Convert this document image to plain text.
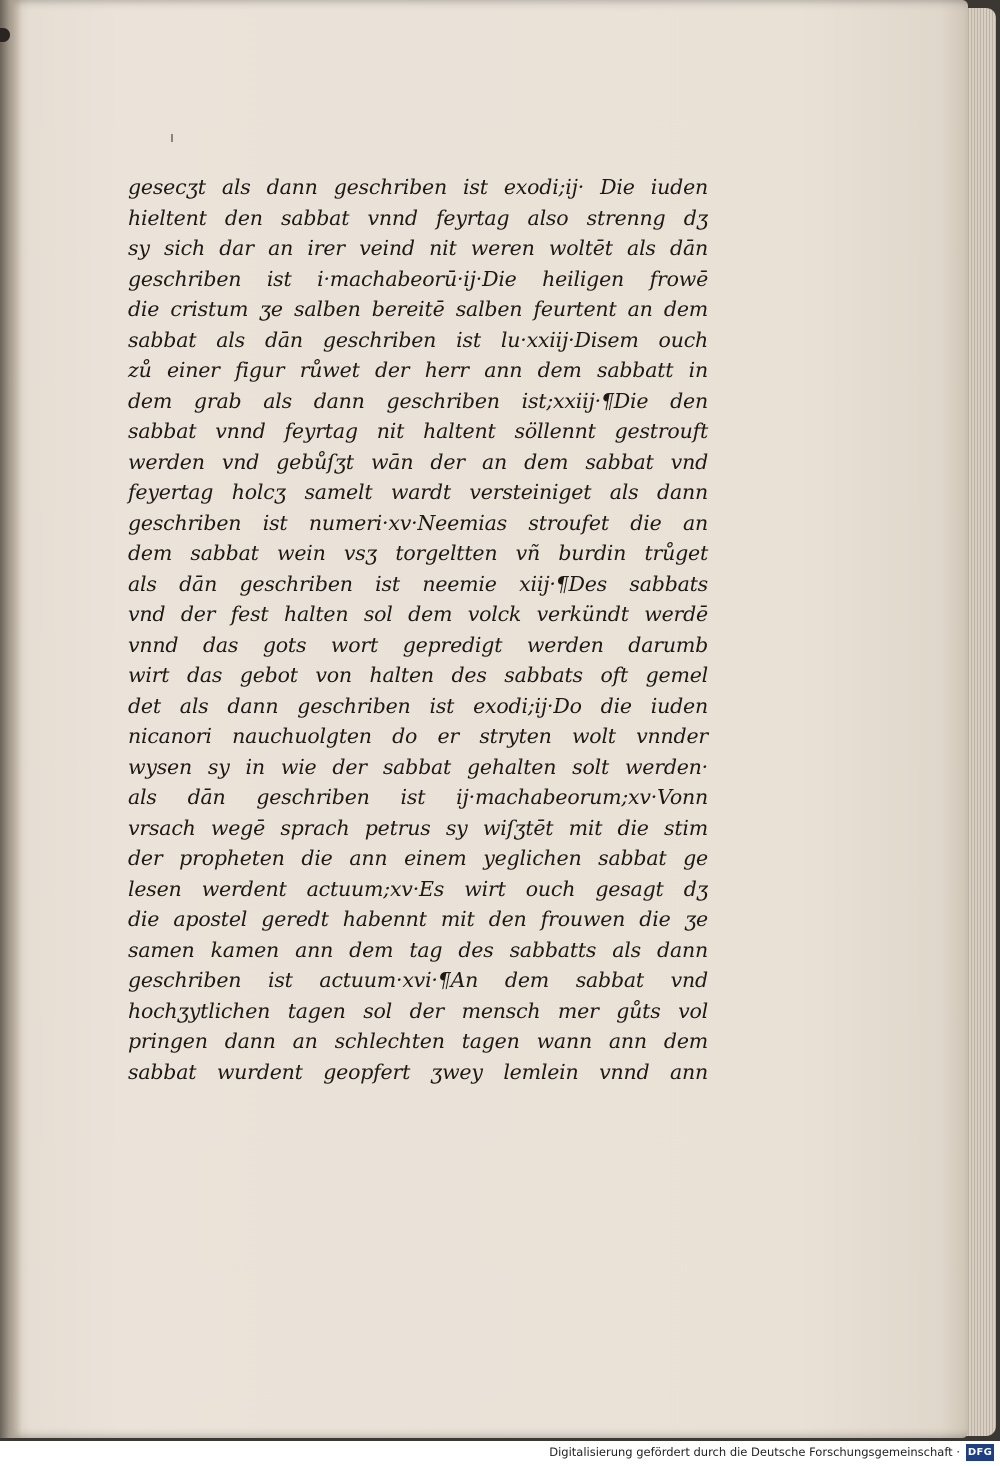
gesecʒt als dann geschriben ist exodi;ij· Die iuden
hieltent den sabbat vnnd feyrtag also strenng dʒ
sy sich dar an irer veind nit weren woltēt als dān
geschriben ist i·machabeorū·ij·Die heiligen frowē
die cristum ʒe salben bereitē salben feurtent an dem
sabbat als dān geschriben ist lu·xxiij·Disem ouch
zů einer figur růwet der herr ann dem sabbatt in
dem grab als dann geschriben ist;xxiij·¶Die den
sabbat vnnd feyrtag nit haltent söllennt gestrouft
werden vnd gebůſʒt wān der an dem sabbat vnd
feyertag holcʒ samelt wardt versteiniget als dann
geschriben ist numeri·xv·Neemias stroufet die an
dem sabbat wein vsʒ torgeltten vñ burdin trůget
als dān geschriben ist neemie xiij·¶Des sabbats
vnd der fest halten sol dem volck verkündt werdē
vnnd das gots wort gepredigt werden darumb
wirt das gebot von halten des sabbats oft gemel
det als dann geschriben ist exodi;ij·Do die iuden
nicanori nauchuolgten do er stryten wolt vnnder
wysen sy in wie der sabbat gehalten solt werden·
als dān geschriben ist ij·machabeorum;xv·Vonn
vrsach wegē sprach petrus sy wiſʒtēt mit die stim
der propheten die ann einem yeglichen sabbat ge
lesen werdent actuum;xv·Es wirt ouch gesagt dʒ
die apostel geredt habennt mit den frouwen die ʒe
samen kamen ann dem tag des sabbatts als dann
geschriben ist actuum·xvi·¶An dem sabbat vnd
hochʒytlichen tagen sol der mensch mer gůts vol
pringen dann an schlechten tagen wann ann dem
sabbat wurdent geopfert ʒwey lemlein vnnd ann
Digitalisierung gefördert durch die Deutsche Forschungsgemeinschaft · DFG
